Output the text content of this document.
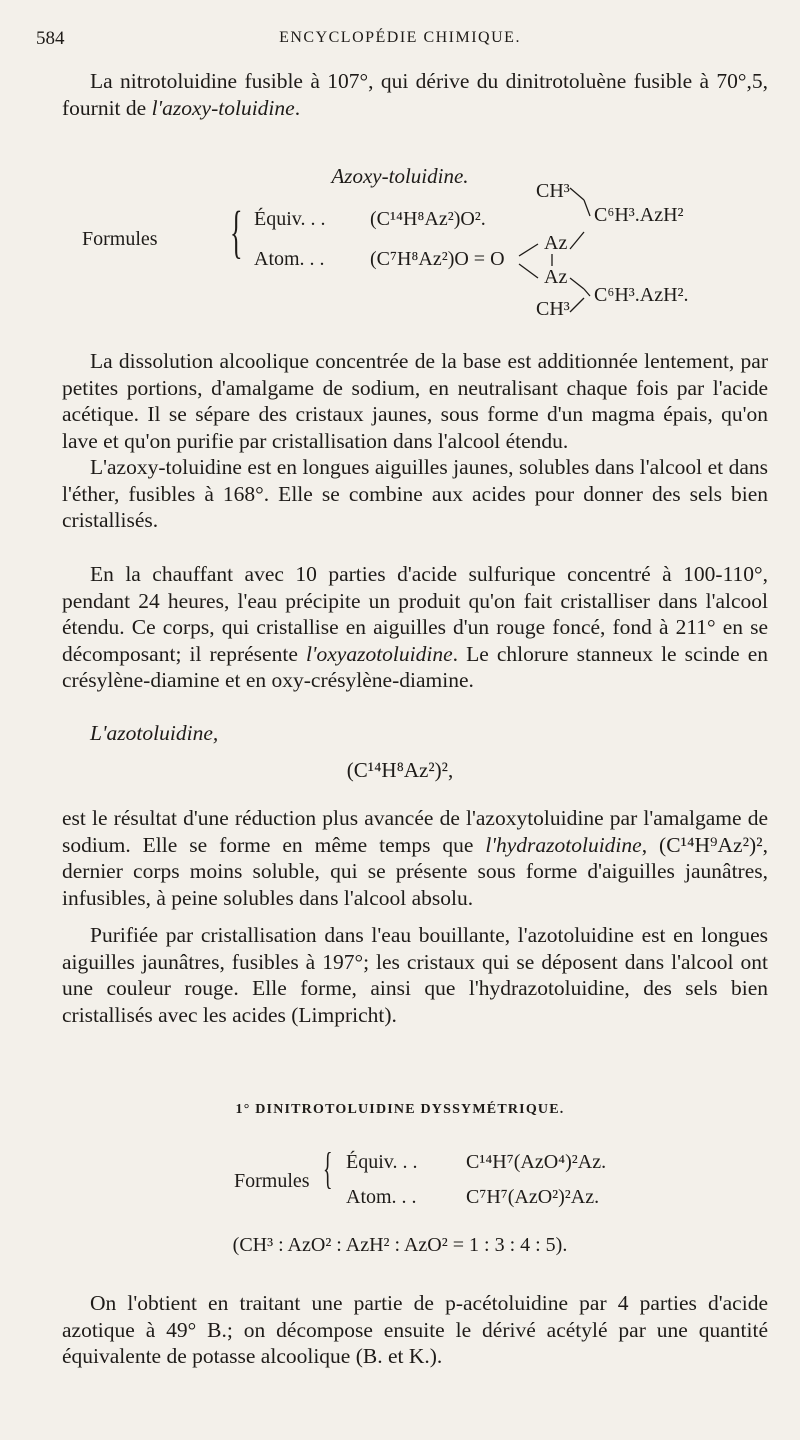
584	ENCYCLOPÉDIE CHIMIQUE.

La nitrotoluidine fusible à 107°, qui dérive du dinitrotoluène fusible à 70°,5, fournit de l'azoxy-toluidine.

Azoxy-toluidine.
Formules { Équiv. . . (C¹⁴H⁸Az²)O².
Atom. . . (C⁷H⁸Az²)O = O
CH³
Az
Az
CH³
C⁶H³.AzH²
C⁶H³.AzH².

La dissolution alcoolique concentrée de la base est additionnée lentement, par petites portions, d'amalgame de sodium, en neutralisant chaque fois par l'acide acétique. Il se sépare des cristaux jaunes, sous forme d'un magma épais, qu'on lave et qu'on purifie par cristallisation dans l'alcool étendu.

L'azoxy-toluidine est en longues aiguilles jaunes, solubles dans l'alcool et dans l'éther, fusibles à 168°. Elle se combine aux acides pour donner des sels bien cristallisés.

En la chauffant avec 10 parties d'acide sulfurique concentré à 100-110°, pendant 24 heures, l'eau précipite un produit qu'on fait cristalliser dans l'alcool étendu. Ce corps, qui cristallise en aiguilles d'un rouge foncé, fond à 211° en se décomposant; il représente l'oxyazotoluidine. Le chlorure stanneux le scinde en crésylène-diamine et en oxy-crésylène-diamine.

L'azotoluidine,

(C¹⁴H⁸Az²)²,

est le résultat d'une réduction plus avancée de l'azoxytoluidine par l'amalgame de sodium. Elle se forme en même temps que l'hydrazotoluidine, (C¹⁴H⁹Az²)², dernier corps moins soluble, qui se présente sous forme d'aiguilles jaunâtres, infusibles, à peine solubles dans l'alcool absolu.

Purifiée par cristallisation dans l'eau bouillante, l'azotoluidine est en longues aiguilles jaunâtres, fusibles à 197°; les cristaux qui se déposent dans l'alcool ont une couleur rouge. Elle forme, ainsi que l'hydrazotoluidine, des sels bien cristallisés avec les acides (Limpricht).

1° DINITROTOLUIDINE DYSSYMÉTRIQUE.
Formules { Équiv. . . C¹⁴H⁷(AzO⁴)²Az.
Atom. . . C⁷H⁷(AzO²)²Az.
(CH³ : AzO² : AzH² : AzO² = 1 : 3 : 4 : 5).

On l'obtient en traitant une partie de p-acétoluidine par 4 parties d'acide azotique à 49° B.; on décompose ensuite le dérivé acétylé par une quantité équivalente de potasse alcoolique (B. et K.).
